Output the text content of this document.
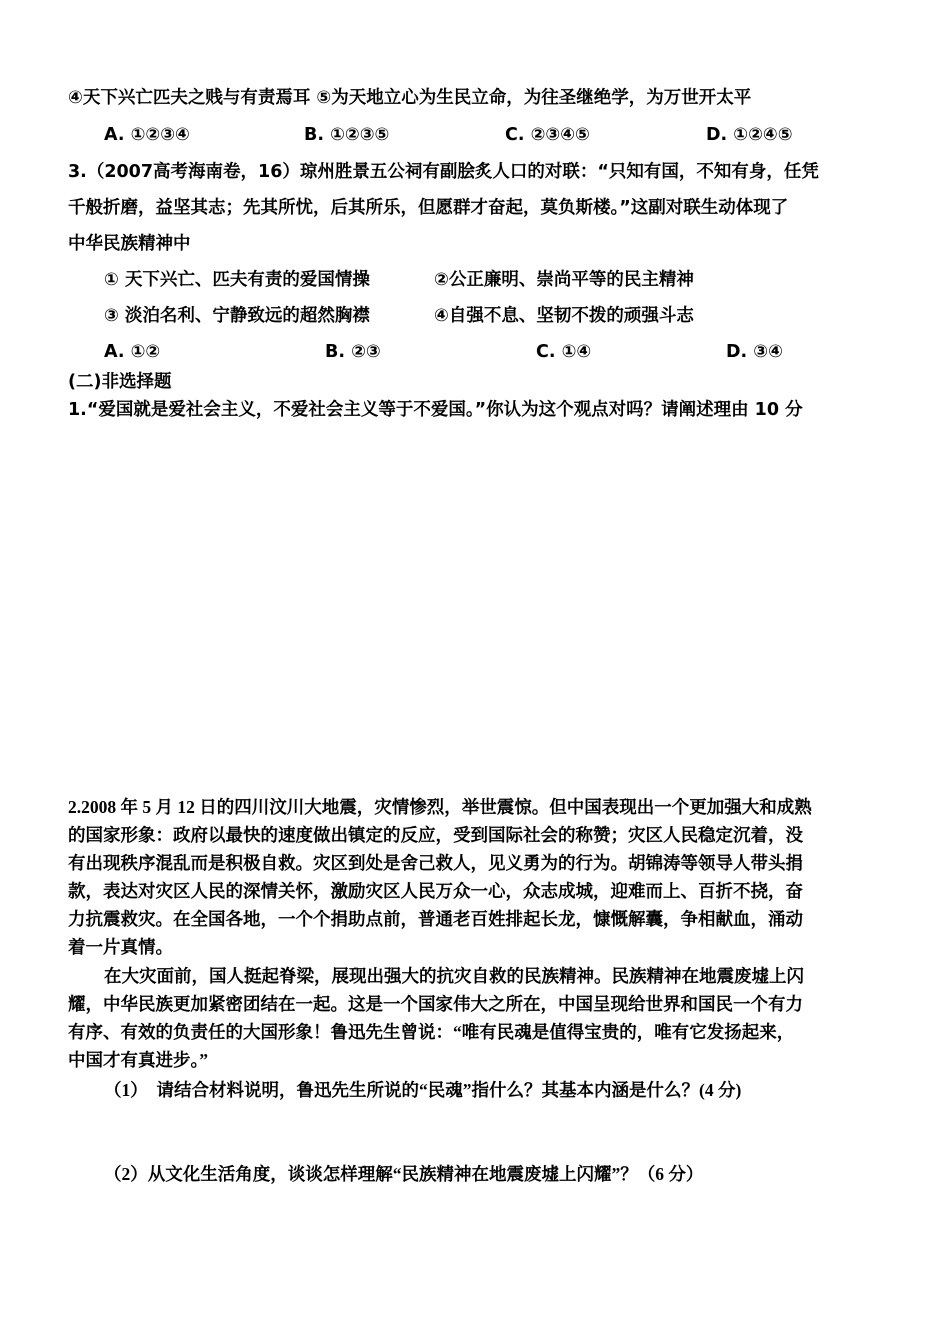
④天下兴亡匹夫之贱与有责焉耳 ⑤为天地立心为生民立命，为往圣继绝学，为万世开太平
A. ①②③④	B. ①②③⑤	C. ②③④⑤	D. ①②④⑤
3.（2007高考海南卷，16）琼州胜景五公祠有副脍炙人口的对联：“只知有国，不知有身，任凭
千般折磨，益坚其志；先其所忧，后其所乐，但愿群才奋起，莫负斯楼。”这副对联生动体现了
中华民族精神中
① 天下兴亡、匹夫有责的爱国情操	②公正廉明、崇尚平等的民主精神
③ 淡泊名利、宁静致远的超然胸襟	④自强不息、坚韧不拨的顽强斗志
A. ①②	B. ②③	C. ①④	D. ③④
(二)非选择题
1.“爱国就是爱社会主义，不爱社会主义等于不爱国。”你认为这个观点对吗？请阐述理由 10 分
2.2008 年 5 月 12 日的四川汶川大地震，灾情惨烈，举世震惊。但中国表现出一个更加强大和成熟
的国家形象：政府以最快的速度做出镇定的反应，受到国际社会的称赞；灾区人民稳定沉着，没
有出现秩序混乱而是积极自救。灾区到处是舍己救人，见义勇为的行为。胡锦涛等领导人带头捐
款，表达对灾区人民的深情关怀，激励灾区人民万众一心，众志成城，迎难而上、百折不挠，奋
力抗震救灾。在全国各地，一个个捐助点前，普通老百姓排起长龙，慷慨解囊，争相献血，涌动
着一片真情。
在大灾面前，国人挺起脊梁，展现出强大的抗灾自救的民族精神。民族精神在地震废墟上闪
耀，中华民族更加紧密团结在一起。这是一个国家伟大之所在，中国呈现给世界和国民一个有力
有序、有效的负责任的大国形象！鲁迅先生曾说：“唯有民魂是值得宝贵的，唯有它发扬起来，
中国才有真进步。”
（1）　请结合材料说明，鲁迅先生所说的“民魂”指什么？其基本内涵是什么？(4 分)
（2）从文化生活角度，谈谈怎样理解“民族精神在地震废墟上闪耀”？（6 分）
